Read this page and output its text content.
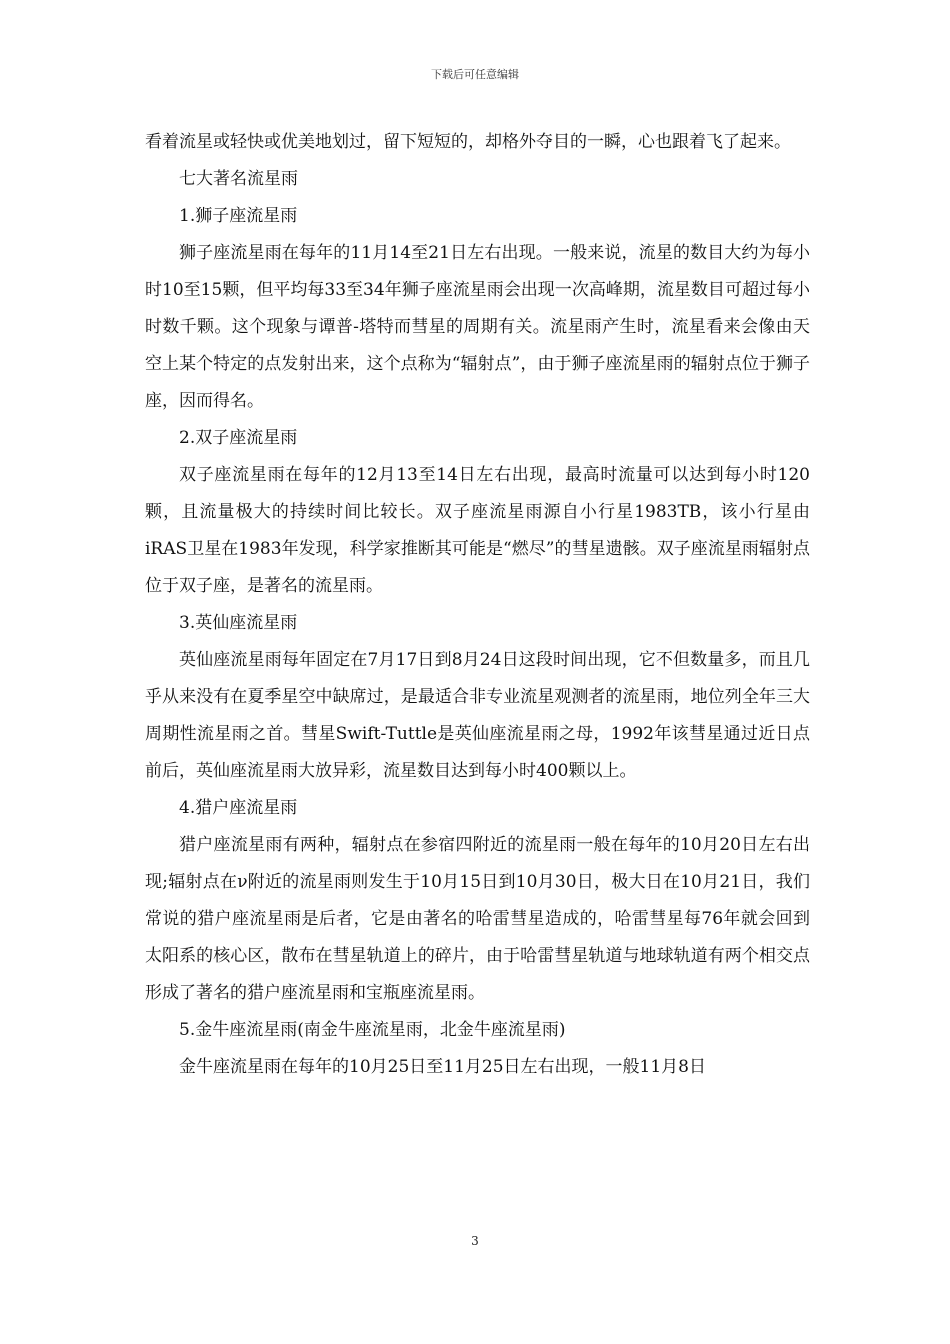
下载后可任意编辑

看着流星或轻快或优美地划过，留下短短的，却格外夺目的一瞬，心也跟着飞了起来。

七大著名流星雨

1.狮子座流星雨

狮子座流星雨在每年的11月14至21日左右出现。一般来说，流星的数目大约为每小时10至15颗，但平均每33至34年狮子座流星雨会出现一次高峰期，流星数目可超过每小时数千颗。这个现象与谭普-塔特而彗星的周期有关。流星雨产生时，流星看来会像由天空上某个特定的点发射出来，这个点称为“辐射点”，由于狮子座流星雨的辐射点位于狮子座，因而得名。

2.双子座流星雨

双子座流星雨在每年的12月13至14日左右出现，最高时流量可以达到每小时120颗，且流量极大的持续时间比较长。双子座流星雨源自小行星1983TB，该小行星由iRAS卫星在1983年发现，科学家推断其可能是“燃尽”的彗星遗骸。双子座流星雨辐射点位于双子座，是著名的流星雨。

3.英仙座流星雨

英仙座流星雨每年固定在7月17日到8月24日这段时间出现，它不但数量多，而且几乎从来没有在夏季星空中缺席过，是最适合非专业流星观测者的流星雨，地位列全年三大周期性流星雨之首。彗星Swift-Tuttle是英仙座流星雨之母，1992年该彗星通过近日点前后，英仙座流星雨大放异彩，流星数目达到每小时400颗以上。

4.猎户座流星雨

猎户座流星雨有两种，辐射点在参宿四附近的流星雨一般在每年的10月20日左右出现;辐射点在ν附近的流星雨则发生于10月15日到10月30日，极大日在10月21日，我们常说的猎户座流星雨是后者，它是由著名的哈雷彗星造成的，哈雷彗星每76年就会回到太阳系的核心区，散布在彗星轨道上的碎片，由于哈雷彗星轨道与地球轨道有两个相交点形成了著名的猎户座流星雨和宝瓶座流星雨。

5.金牛座流星雨(南金牛座流星雨，北金牛座流星雨)

金牛座流星雨在每年的10月25日至11月25日左右出现，一般11月8日

3
